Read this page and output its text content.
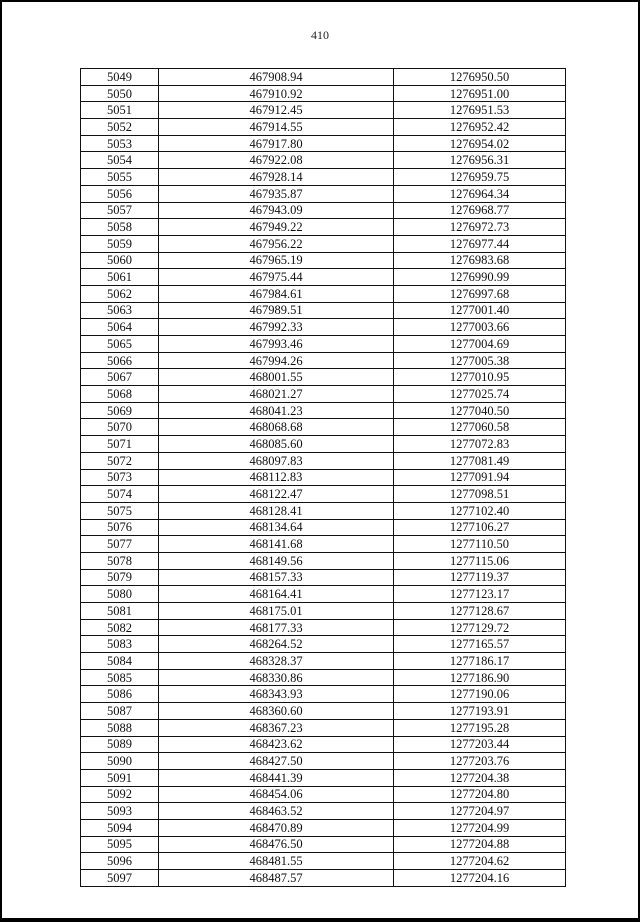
410
5049	467908.94	1276950.50
5050	467910.92	1276951.00
5051	467912.45	1276951.53
5052	467914.55	1276952.42
5053	467917.80	1276954.02
5054	467922.08	1276956.31
5055	467928.14	1276959.75
5056	467935.87	1276964.34
5057	467943.09	1276968.77
5058	467949.22	1276972.73
5059	467956.22	1276977.44
5060	467965.19	1276983.68
5061	467975.44	1276990.99
5062	467984.61	1276997.68
5063	467989.51	1277001.40
5064	467992.33	1277003.66
5065	467993.46	1277004.69
5066	467994.26	1277005.38
5067	468001.55	1277010.95
5068	468021.27	1277025.74
5069	468041.23	1277040.50
5070	468068.68	1277060.58
5071	468085.60	1277072.83
5072	468097.83	1277081.49
5073	468112.83	1277091.94
5074	468122.47	1277098.51
5075	468128.41	1277102.40
5076	468134.64	1277106.27
5077	468141.68	1277110.50
5078	468149.56	1277115.06
5079	468157.33	1277119.37
5080	468164.41	1277123.17
5081	468175.01	1277128.67
5082	468177.33	1277129.72
5083	468264.52	1277165.57
5084	468328.37	1277186.17
5085	468330.86	1277186.90
5086	468343.93	1277190.06
5087	468360.60	1277193.91
5088	468367.23	1277195.28
5089	468423.62	1277203.44
5090	468427.50	1277203.76
5091	468441.39	1277204.38
5092	468454.06	1277204.80
5093	468463.52	1277204.97
5094	468470.89	1277204.99
5095	468476.50	1277204.88
5096	468481.55	1277204.62
5097	468487.57	1277204.16
